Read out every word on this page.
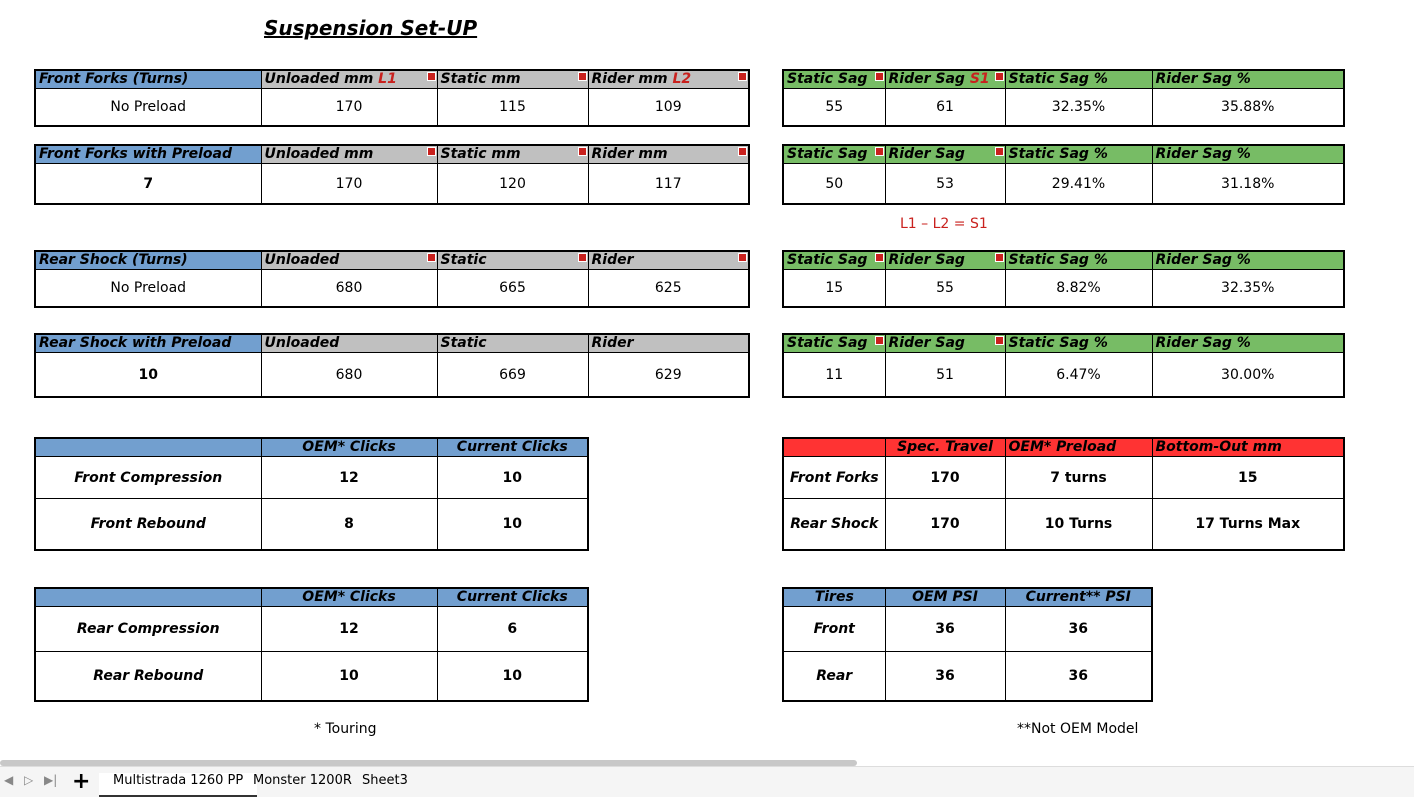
Suspension Set-UP
Front Forks (Turns)	Unloaded mm L1	Static mm	Rider mm L2

No Preload	170	115	109
Static Sag	Rider Sag S1	Static Sag %	Rider Sag %
55	61	32.35%	35.88%
Front Forks with Preload	Unloaded mm	Static mm	Rider mm

7	170	120	117
Static Sag	Rider Sag	Static Sag %	Rider Sag %
50	53	29.41%	31.18%
L1 – L2 = S1
Rear Shock (Turns)	Unloaded	Static	Rider

No Preload	680	665	625
Static Sag	Rider Sag	Static Sag %	Rider Sag %
15	55	8.82%	32.35%
Rear Shock with Preload	Unloaded	Static	Rider
10	680	669	629
Static Sag	Rider Sag	Static Sag %	Rider Sag %
11	51	6.47%	30.00%
	OEM* Clicks	Current Clicks
Front Compression	12	10
Front Rebound	8	10
	Spec. Travel	OEM* Preload	Bottom-Out mm
Front Forks	170	7 turns	15
Rear Shock	170	10 Turns	17 Turns Max
	OEM* Clicks	Current Clicks
Rear Compression	12	6
Rear Rebound	10	10
Tires	OEM PSI	Current** PSI
Front	36	36
Rear	36	36
* Touring	**Not OEM Model
◀ ▷ ▶| +	Multistrada 1260 PP Monster 1200R Sheet3
